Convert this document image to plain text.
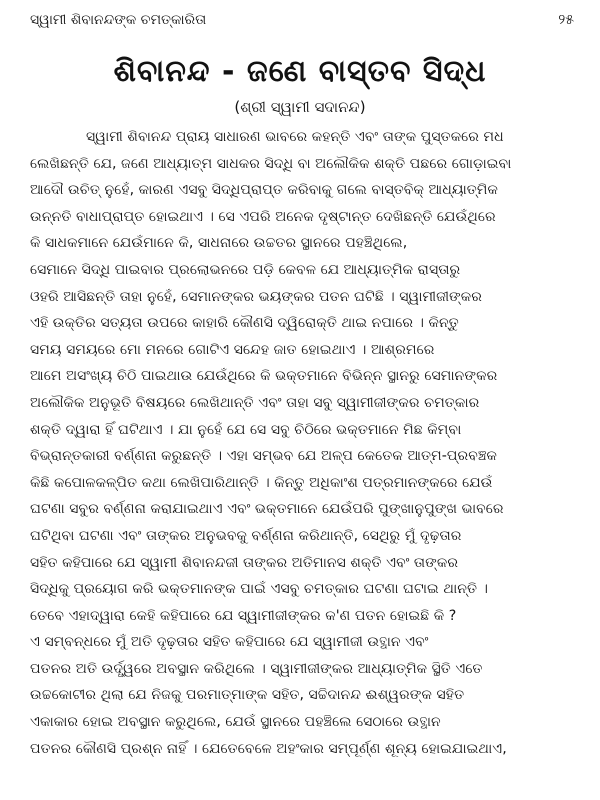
ସ୍ୱାମୀ ଶିବାନନ୍ଦଙ୍କ ଚମତ୍କାରିତା	୨୫
ଶିବାନନ୍ଦ - ଜଣେ ବାସ୍ତବ ସିଦ୍ଧ
(ଶ୍ରୀ ସ୍ୱାମୀ ସଦାନନ୍ଦ)
ସ୍ୱାମୀ ଶିବାନନ୍ଦ ପ୍ରାୟ ସାଧାରଣ ଭାବରେ କହନ୍ତି ଏବଂ ତାଙ୍କ ପୁସ୍ତକରେ ମଧ
ଲେଖିଛନ୍ତି ଯେ, ଜଣେ ଆଧ୍ୟାତ୍ମ ସାଧକର ସିଦ୍ଧି ବା ଅଲୌକିକ ଶକ୍ତି ପଛରେ ଗୋଡ଼ାଇବା
ଆଦୌ ଉଚିତ୍ ନୁହେଁ, କାରଣ ଏସବୁ ସିଦ୍ଧିପ୍ରାପ୍ତ କରିବାକୁ ଗଲେ ବାସ୍ତବିକ୍ ଆଧ୍ୟାତ୍ମିକ
ଉନ୍ନତି ବାଧାପ୍ରାପ୍ତ ହୋଇଥାଏ । ସେ ଏପରି ଅନେକ ଦୃଷ୍ଟାନ୍ତ ଦେଖିଛନ୍ତି ଯେଉଁଥିରେ
କି ସାଧକମାନେ ଯେଉଁମାନେ କି, ସାଧନାରେ ଉଚ୍ଚତର ସ୍ଥାନରେ ପହଞ୍ଚିଥିଲେ,
ସେମାନେ ସିଦ୍ଧି ପାଇବାର ପ୍ରଲୋଭନରେ ପଡ଼ି କେବଳ ଯେ ଆଧ୍ୟାତ୍ମିକ ରାସ୍ତାରୁ
ଓହରି ଆସିଛନ୍ତି ତାହା ନୁହେଁ, ସେମାନଙ୍କର ଭୟଙ୍କର ପତନ ଘଟିଛି । ସ୍ୱାମୀଜୀଙ୍କର
ଏହି ଉକ୍ତିର ସତ୍ୟତା ଉପରେ କାହାରି କୌଣସି ଦ୍ୱିରୋକ୍ତି ଥାଇ ନପାରେ । କିନ୍ତୁ
ସମୟ ସମୟରେ ମୋ ମନରେ ଗୋଟିଏ ସନ୍ଦେହ ଜାତ ହୋଇଥାଏ । ଆଶ୍ରମରେ
ଆମେ ଅସଂଖ୍ୟ ଚିଠି ପାଇଥାଉ ଯେଉଁଥିରେ କି ଭକ୍ତମାନେ ବିଭିନ୍ନ ସ୍ଥାନରୁ ସେମାନଙ୍କର
ଅଲୌକିକ ଅନୁଭୂତି ବିଷୟରେ ଲେଖିଥାନ୍ତି ଏବଂ ତାହା ସବୁ ସ୍ୱାମୀଜୀଙ୍କର ଚମତ୍କାର
ଶକ୍ତି ଦ୍ୱାରା ହିଁ ଘଟିଥାଏ । ଯା ନୁହେଁ ଯେ ସେ ସବୁ ଚିଠିରେ ଭକ୍ତମାନେ ମିଛ କିମ୍ବା
ବିଭ୍ରାନ୍ତକାରୀ ବର୍ଣ୍ଣନା କରୁଛନ୍ତି । ଏହା ସମ୍ଭବ ଯେ ଅଳ୍ପ କେତେକ ଆତ୍ମ-ପ୍ରବଞ୍ଚକ
କିଛି କପୋଳକଳ୍ପିତ କଥା ଲେଖିପାରିଥାନ୍ତି । କିନ୍ତୁ ଅଧିକାଂଶ ପତ୍ରମାନଙ୍କରେ ଯେଉଁ
ଘଟଣା ସବୁର ବର୍ଣ୍ଣନା କରାଯାଇଥାଏ ଏବଂ ଭକ୍ତମାନେ ଯେଉଁପରି ପୁଙ୍ଖାନୁପୁଙ୍ଖ ଭାବରେ
ଘଟିଥିବା ଘଟଣା ଏବଂ ତାଙ୍କର ଅନୁଭବକୁ ବର୍ଣ୍ଣନା କରିଥାନ୍ତି, ସେଥିରୁ ମୁଁ ଦୃଢ଼ତାର
ସହିତ କହିପାରେ ଯେ ସ୍ୱାମୀ ଶିବାନନ୍ଦଜୀ ତାଙ୍କର ଅତିମାନସ ଶକ୍ତି ଏବଂ ତାଙ୍କର
ସିଦ୍ଧିକୁ ପ୍ରୟୋଗ କରି ଭକ୍ତମାନଙ୍କ ପାଇଁ ଏସବୁ ଚମତ୍କାର ଘଟଣା ଘଟାଇ ଥାନ୍ତି ।
ତେବେ ଏହାଦ୍ୱାରା କେହି କହିପାରେ ଯେ ସ୍ୱାମୀଜୀଙ୍କର କ'ଣ ପତନ ହୋଇଛି କି ?
ଏ ସମ୍ବନ୍ଧରେ ମୁଁ ଅତି ଦୃଢ଼ତାର ସହିତ କହିପାରେ ଯେ ସ୍ୱାମୀଜୀ ଉତ୍ଥାନ ଏବଂ
ପତନର ଅତି ଉର୍ଦ୍ଧ୍ୱରେ ଅବସ୍ଥାନ କରିଥିଲେ । ସ୍ୱାମୀଜୀଙ୍କର ଆଧ୍ୟାତ୍ମିକ ସ୍ଥିତି ଏତେ
ଉଚ୍ଚକୋଟୀର ଥିଲା ଯେ ନିଜକୁ ପରମାତ୍ମାଙ୍କ ସହିତ, ସଚ୍ଚିଦାନନ୍ଦ ଈଶ୍ୱରଙ୍କ ସହିତ
ଏକାକାର ହୋଇ ଅବସ୍ଥାନ କରୁଥିଲେ, ଯେଉଁ ସ୍ଥାନରେ ପହଞ୍ଚିଲେ ସେଠାରେ ଉତ୍ଥାନ
ପତନର କୌଣସି ପ୍ରଶ୍ନ ନାହିଁ । ଯେତେବେଳେ ଅହଂକାର ସମ୍ପୂର୍ଣ୍ଣ ଶୂନ୍ୟ ହୋଇଯାଇଥାଏ,
